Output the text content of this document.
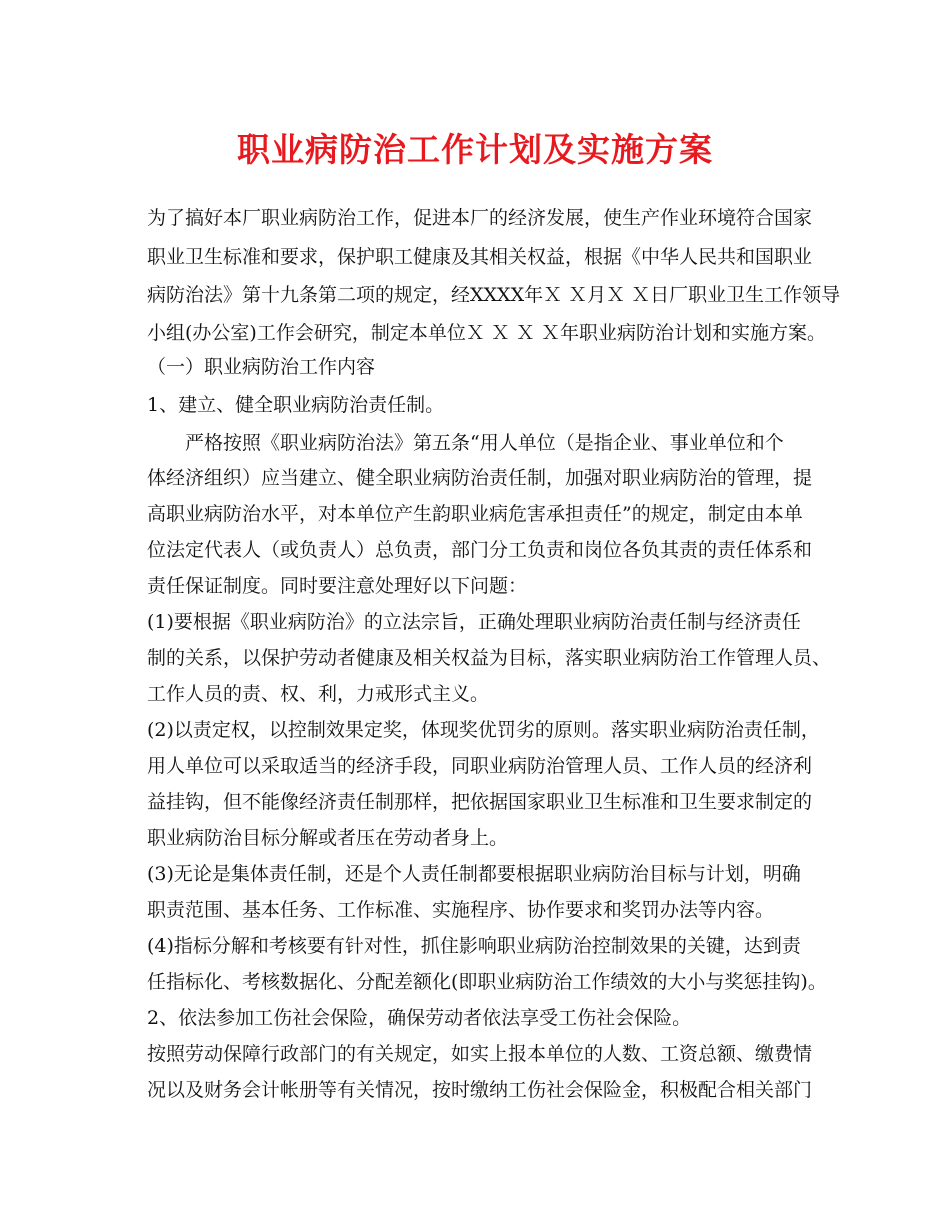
职业病防治工作计划及实施方案
为了搞好本厂职业病防治工作，促进本厂的经济发展，使生产作业环境符合国家
职业卫生标准和要求，保护职工健康及其相关权益，根据《中华人民共和国职业
病防治法》第十九条第二项的规定，经XXXX年Ｘ Ｘ月Ｘ Ｘ日厂职业卫生工作领导
小组(办公室)工作会研究，制定本单位Ｘ Ｘ Ｘ Ｘ年职业病防治计划和实施方案。
（一）职业病防治工作内容
1、建立、健全职业病防治责任制。
严格按照《职业病防治法》第五条“用人单位（是指企业、事业单位和个
体经济组织）应当建立、健全职业病防治责任制，加强对职业病防治的管理，提
高职业病防治水平，对本单位产生韵职业病危害承担责任”的规定，制定由本单
位法定代表人（或负责人）总负责，部门分工负责和岗位各负其责的责任体系和
责任保证制度。同时要注意处理好以下问题：
(1)要根据《职业病防治》的立法宗旨，正确处理职业病防治责任制与经济责任
制的关系，以保护劳动者健康及相关权益为目标，落实职业病防治工作管理人员、
工作人员的责、权、利，力戒形式主义。
(2)以责定权，以控制效果定奖，体现奖优罚劣的原则。落实职业病防治责任制，
用人单位可以采取适当的经济手段，同职业病防治管理人员、工作人员的经济利
益挂钩，但不能像经济责任制那样，把依据国家职业卫生标准和卫生要求制定的
职业病防治目标分解或者压在劳动者身上。
(3)无论是集体责任制，还是个人责任制都要根据职业病防治目标与计划，明确
职责范围、基本任务、工作标准、实施程序、协作要求和奖罚办法等内容。
(4)指标分解和考核要有针对性，抓住影响职业病防治控制效果的关键，达到责
任指标化、考核数据化、分配差额化(即职业病防治工作绩效的大小与奖惩挂钩)。
2、依法参加工伤社会保险，确保劳动者依法享受工伤社会保险。
按照劳动保障行政部门的有关规定，如实上报本单位的人数、工资总额、缴费情
况以及财务会计帐册等有关情况，按时缴纳工伤社会保险金，积极配合相关部门
